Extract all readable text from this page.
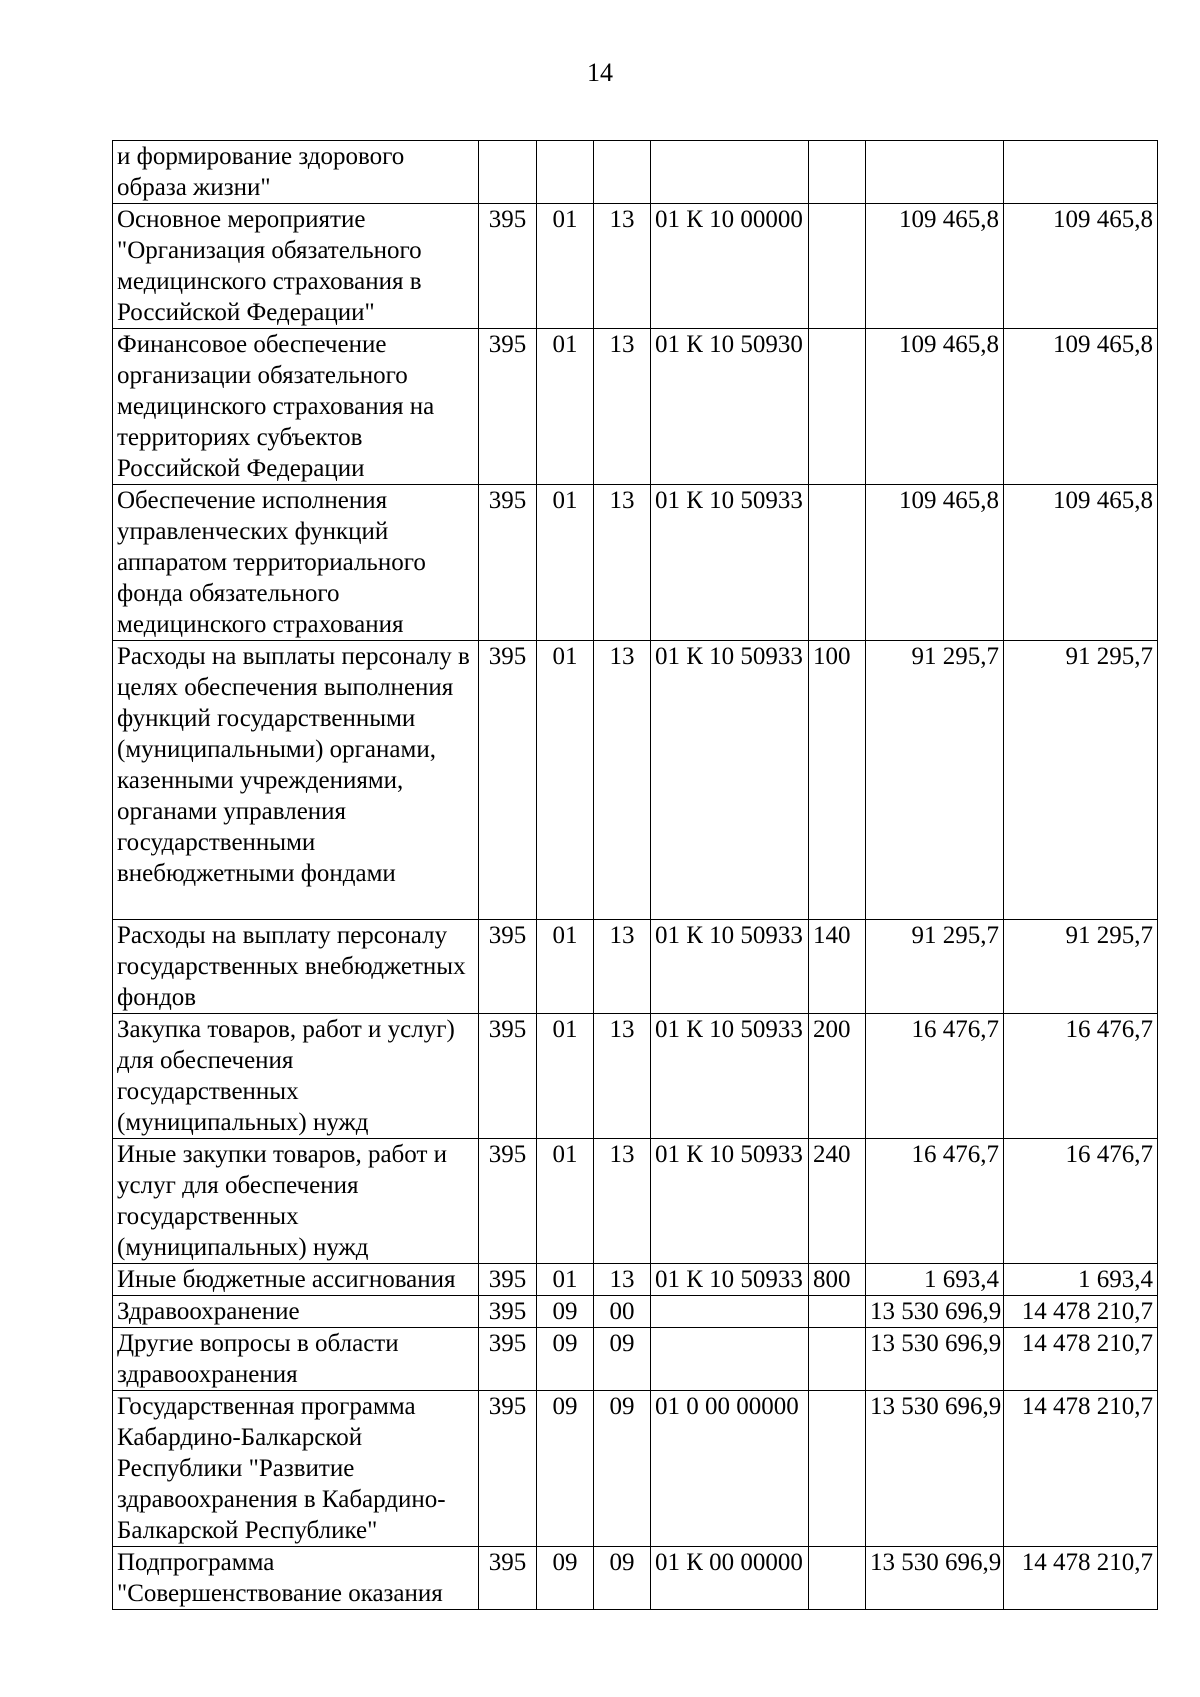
14
и формирование здорового образа жизни"							
Основное мероприятие "Организация обязательного медицинского страхования в Российской Федерации"	395	01	13	01 К 10 00000		109 465,8	109 465,8
Финансовое обеспечение организации обязательного медицинского страхования на территориях субъектов Российской Федерации	395	01	13	01 К 10 50930		109 465,8	109 465,8
Обеспечение исполнения управленческих функций аппаратом территориального фонда обязательного медицинского страхования	395	01	13	01 К 10 50933		109 465,8	109 465,8
Расходы на выплаты персоналу в целях обеспечения выполнения функций государственными (муниципальными) органами, казенными учреждениями, органами управления государственными внебюджетными фондами	395	01	13	01 К 10 50933	100	91 295,7	91 295,7
Расходы на выплату персоналу государственных внебюджетных фондов	395	01	13	01 К 10 50933	140	91 295,7	91 295,7
Закупка товаров, работ и услуг) для обеспечения государственных (муниципальных) нужд	395	01	13	01 К 10 50933	200	16 476,7	16 476,7
Иные закупки товаров, работ и услуг для обеспечения государственных (муниципальных) нужд	395	01	13	01 К 10 50933	240	16 476,7	16 476,7
Иные бюджетные ассигнования	395	01	13	01 К 10 50933	800	1 693,4	1 693,4
Здравоохранение	395	09	00			13 530 696,9	14 478 210,7
Другие вопросы в области здравоохранения	395	09	09			13 530 696,9	14 478 210,7
Государственная программа Кабардино-Балкарской Республики "Развитие здравоохранения в Кабардино-Балкарской Республике"	395	09	09	01 0 00 00000		13 530 696,9	14 478 210,7
Подпрограмма "Совершенствование оказания	395	09	09	01 К 00 00000		13 530 696,9	14 478 210,7
